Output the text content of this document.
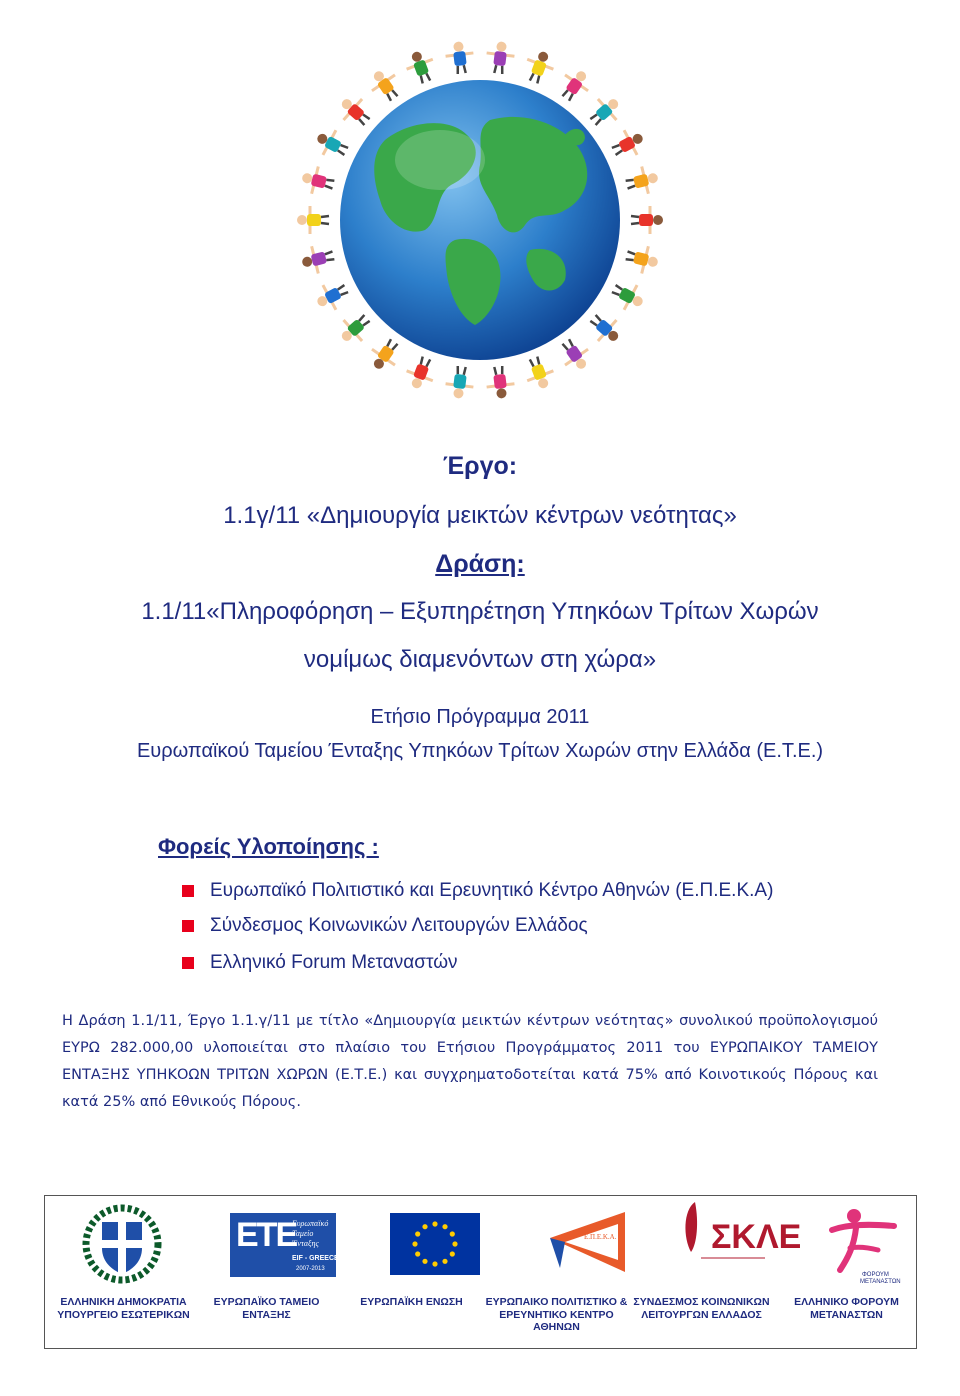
Έργο:
1.1γ/11 «Δημιουργία μεικτών κέντρων νεότητας»
Δράση:
1.1/11«Πληροφόρηση – Εξυπηρέτηση Υπηκόων Τρίτων Χωρών
νομίμως διαμενόντων στη χώρα»
Ετήσιο Πρόγραμμα 2011
Ευρωπαϊκού Ταμείου Ένταξης Υπηκόων Τρίτων Χωρών στην Ελλάδα (Ε.Τ.Ε.)
Φορείς Υλοποίησης :
Ευρωπαϊκό Πολιτιστικό και Ερευνητικό Κέντρο Αθηνών (Ε.Π.Ε.Κ.Α)
Σύνδεσμος Κοινωνικών Λειτουργών Ελλάδος
Ελληνικό Forum Μεταναστών
Η Δράση 1.1/11, Έργο 1.1.γ/11 με τίτλο «Δημιουργία μεικτών κέντρων νεότητας» συνολικού προϋπολογισμού ΕΥΡΩ 282.000,00 υλοποιείται στο πλαίσιο του Ετήσιου Προγράμματος 2011 του ΕΥΡΩΠΑΙΚΟΥ ΤΑΜΕΙΟΥ ΕΝΤΑΞΗΣ ΥΠΗΚΟΩΝ ΤΡΙΤΩΝ ΧΩΡΩΝ (Ε.Τ.Ε.) και συγχρηματοδοτείται κατά 75% από Κοινοτικούς Πόρους και κατά 25% από Εθνικούς Πόρους.
ΕΤΕ
Ευρωπαϊκό
Ταμείο
Ένταξης
EIF - GREECE
2007-2013
Ε.Π.Ε.Κ.Α.	ΣΚΛΕ
ΦΟΡΟΥΜ
ΜΕΤΑΝΑΣΤΩΝ
ΕΛΛΗΝΙΚΗ ΔΗΜΟΚΡΑΤΙΑ ΥΠΟΥΡΓΕΙΟ ΕΣΩΤΕΡΙΚΩΝ
ΕΥΡΩΠΑΪΚΟ ΤΑΜΕΙΟ ΕΝΤΑΞΗΣ
ΕΥΡΩΠΑΪΚΗ ΕΝΩΣΗ	ΕΥΡΩΠΑΙΚΟ ΠΟΛΙΤΙΣΤΙΚΟ & ΕΡΕΥΝΗΤΙΚΟ ΚΕΝΤΡΟ ΑΘΗΝΩΝ
ΣΥΝΔΕΣΜΟΣ ΚΟΙΝΩΝΙΚΩΝ ΛΕΙΤΟΥΡΓΩΝ ΕΛΛΑΔΟΣ
ΕΛΛΗΝΙΚΟ ΦΟΡΟΥΜ ΜΕΤΑΝΑΣΤΩΝ
